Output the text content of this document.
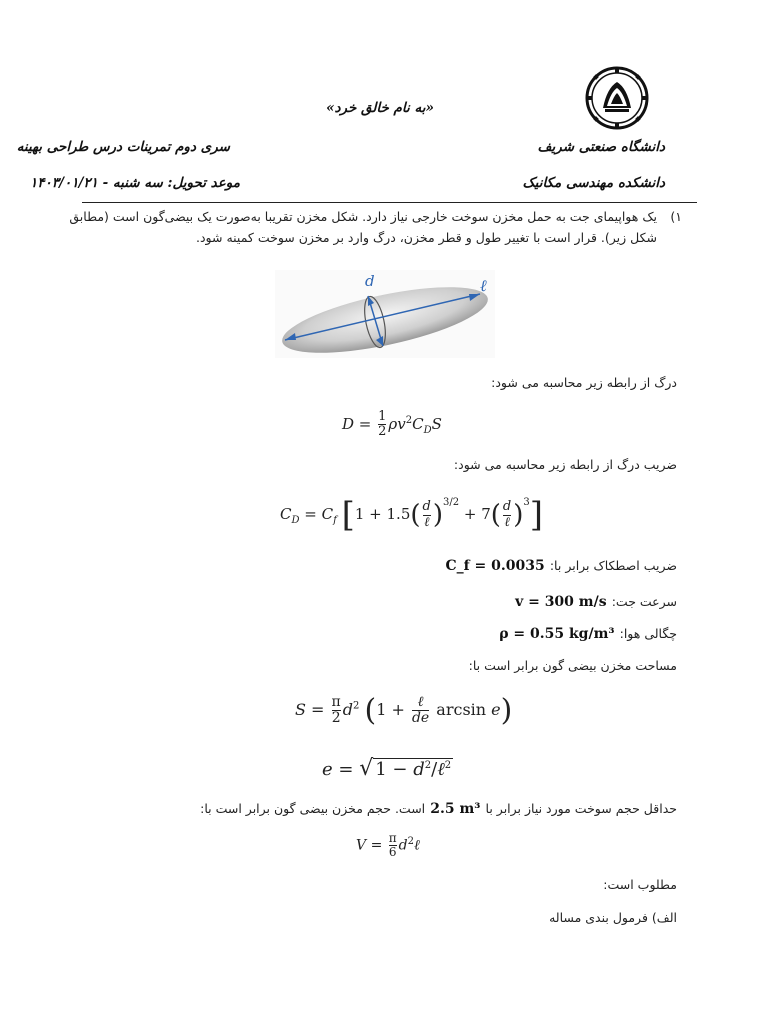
«به نام خالق خرد»
دانشگاه صنعتی شریف
سری دوم تمرینات درس طراحی بهینه
دانشکده مهندسی مکانیک
موعد تحویل: سه شنبه - ۱۴۰۳/۰۱/۲۱
۱)
یک هواپیمای جت به حمل مخزن سوخت خارجی نیاز دارد. شکل مخزن تقریبا به‌صورت یک بیضی‌گون است (مطابق
شکل زیر). قرار است با تغییر طول و قطر مخزن، درگ وارد بر مخزن سوخت کمینه شود.
d	ℓ
درگ از رابطه زیر محاسبه می شود:
$D = \frac{1}{2} \rho v^2C_DS$
ضریب درگ از رابطه زیر محاسبه می شود:
$C_D = C_f$ $[1 + 1.5( \frac{d}{\text{ℓ}} )^{3/2} + 7( \frac{d}{\text{ℓ}} )^3]$
ضریب اصطکاک برابر با: C_f = 0.0035
سرعت جت: v = 300 m/s
چگالی هوا: ρ = 0.55 kg/m³
مساحت مخزن بیضی گون برابر است با:
$S = \frac{\pi}{2} d^2$ ($1 + \frac{\text{ℓ}}{de}$ arcsin e)
e = √ $1 - d^2/\ell^2$
حداقل حجم سوخت مورد نیاز برابر با 2.5 m³ است. حجم مخزن بیضی گون برابر است با:
$V = \frac{\pi}{6}$ $d^2\ell$
مطلوب است:
الف) فرمول بندی مساله
